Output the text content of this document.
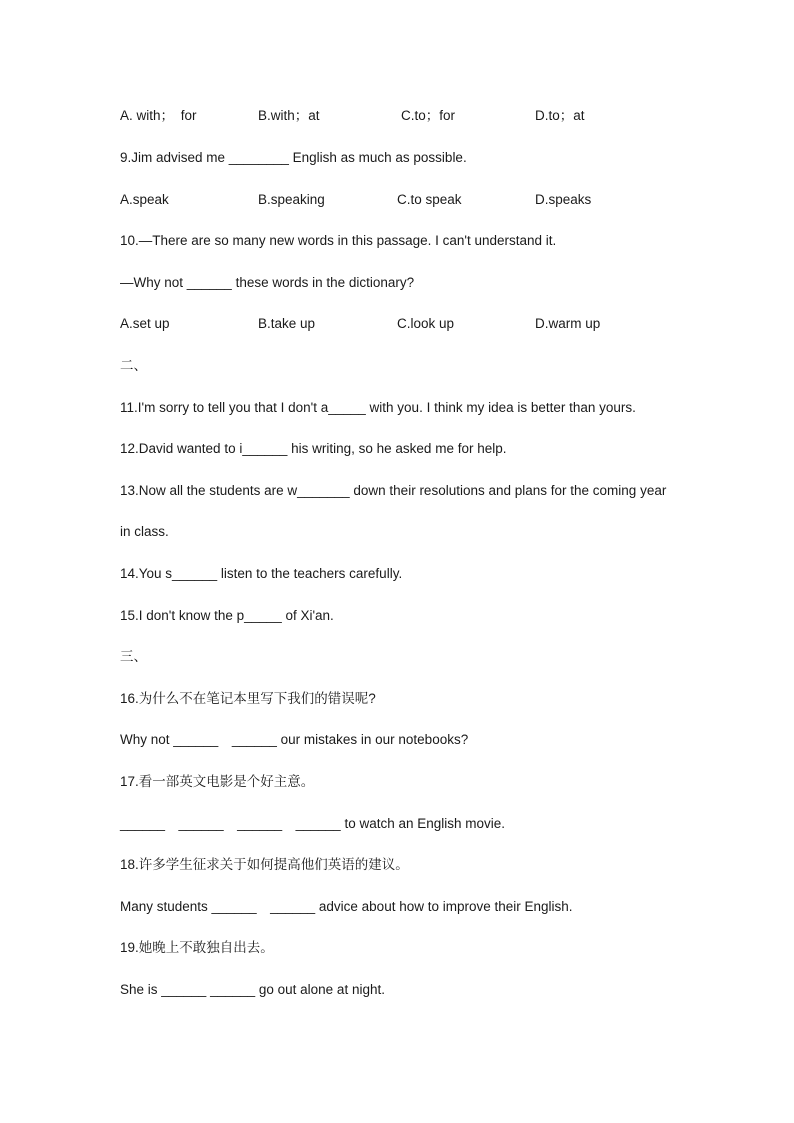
A. with；　for	B.with；at	C.to；for	D.to；at
9.Jim advised me ________ English as much as possible.
A.speak	B.speaking	C.to speak	D.speaks
10.—There are so many new words in this passage. I can't understand it.
—Why not ______ these words in the dictionary?
A.set up	B.take up	C.look up	D.warm up
二、
11.I'm sorry to tell you that I don't a_____ with you. I think my idea is better than yours.
12.David wanted to i______ his writing, so he asked me for help.
13.Now all the students are w_______ down their resolutions and plans for the coming year
in class.
14.You s______ listen to the teachers carefully.
15.I don't know the p_____ of Xi'an.
三、
16.为什么不在笔记本里写下我们的错误呢?
Why not ______　______ our mistakes in our notebooks?
17.看一部英文电影是个好主意。
______　______　______　______ to watch an English movie.
18.许多学生征求关于如何提高他们英语的建议。
Many students ______　______ advice about how to improve their English.
19.她晚上不敢独自出去。
She is ______ ______ go out alone at night.
